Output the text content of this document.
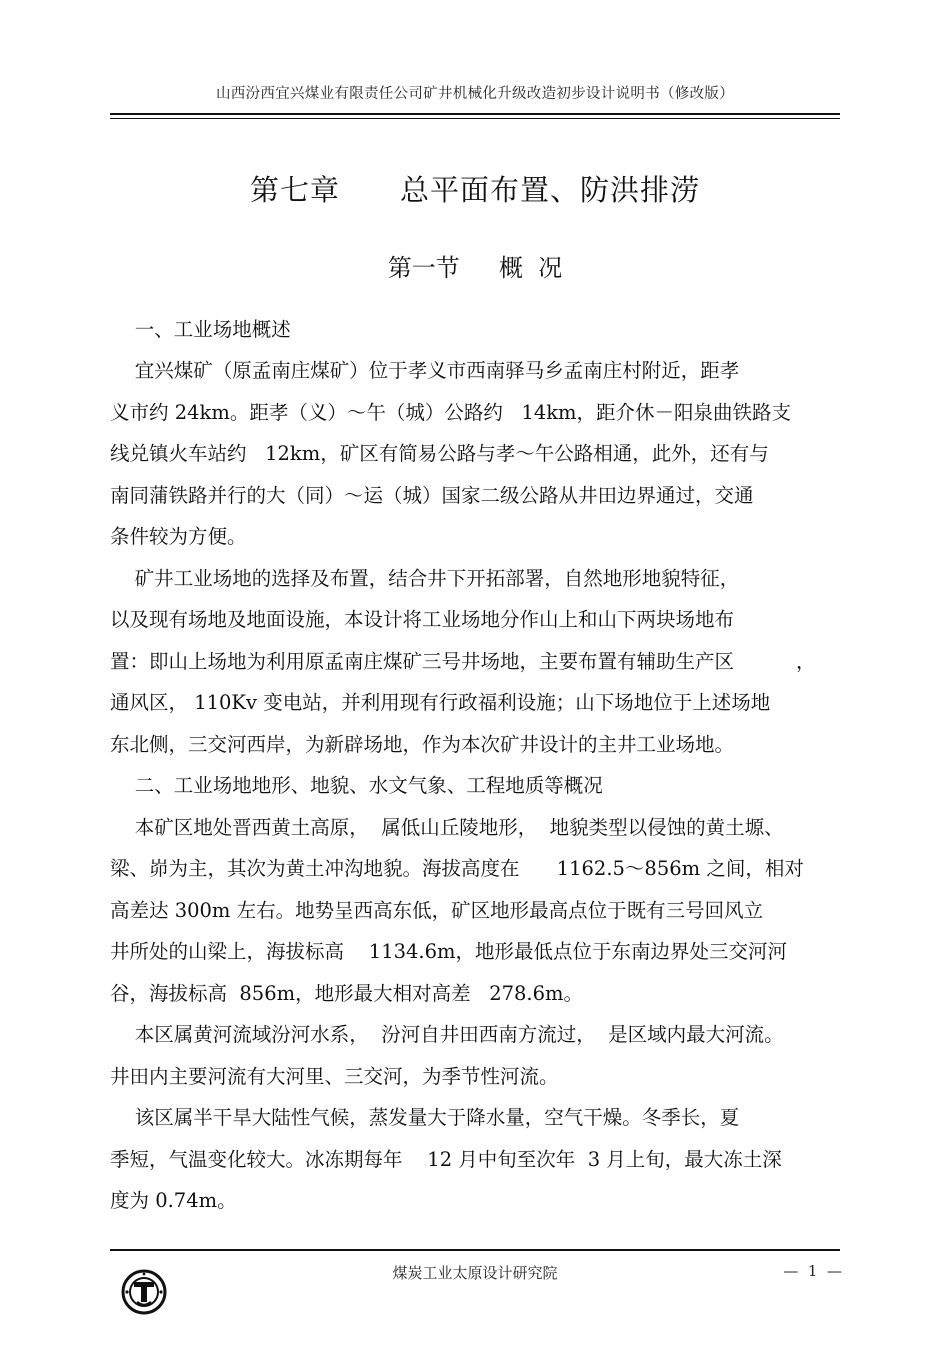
山西汾西宜兴煤业有限责任公司矿井机械化升级改造初步设计说明书（修改版）
第七章　　总平面布置、防洪排涝
第一节　  概  况
一、工业场地概述
宜兴煤矿（原孟南庄煤矿）位于孝义市西南驿马乡孟南庄村附近，距孝
义市约 24km。距孝（义）～午（城）公路约   14km，距介休－阳泉曲铁路支
线兑镇火车站约   12km，矿区有简易公路与孝～午公路相通，此外，还有与
南同蒲铁路并行的大（同）～运（城）国家二级公路从井田边界通过，交通
条件较为方便。
矿井工业场地的选择及布置，结合井下开拓部署，自然地形地貌特征，
以及现有场地及地面设施，本设计将工业场地分作山上和山下两块场地布
置：即山上场地为利用原孟南庄煤矿三号井场地，主要布置有辅助生产区          ，
通风区， 110Kv 变电站，并利用现有行政福利设施；山下场地位于上述场地
东北侧，三交河西岸，为新辟场地，作为本次矿井设计的主井工业场地。
二、工业场地地形、地貌、水文气象、工程地质等概况
本矿区地处晋西黄土高原，  属低山丘陵地形，  地貌类型以侵蚀的黄土塬、
梁、峁为主，其次为黄土冲沟地貌。海拔高度在      1162.5～856m 之间，相对
高差达 300m 左右。地势呈西高东低，矿区地形最高点位于既有三号回风立
井所处的山梁上，海拔标高    1134.6m，地形最低点位于东南边界处三交河河
谷，海拔标高  856m，地形最大相对高差   278.6m。
本区属黄河流域汾河水系，  汾河自井田西南方流过，  是区域内最大河流。
井田内主要河流有大河里、三交河，为季节性河流。
该区属半干旱大陆性气候，蒸发量大于降水量，空气干燥。冬季长，夏
季短，气温变化较大。冰冻期每年    12 月中旬至次年  3 月上旬，最大冻土深
度为 0.74m。
煤炭工业太原设计研究院	—  1  —
